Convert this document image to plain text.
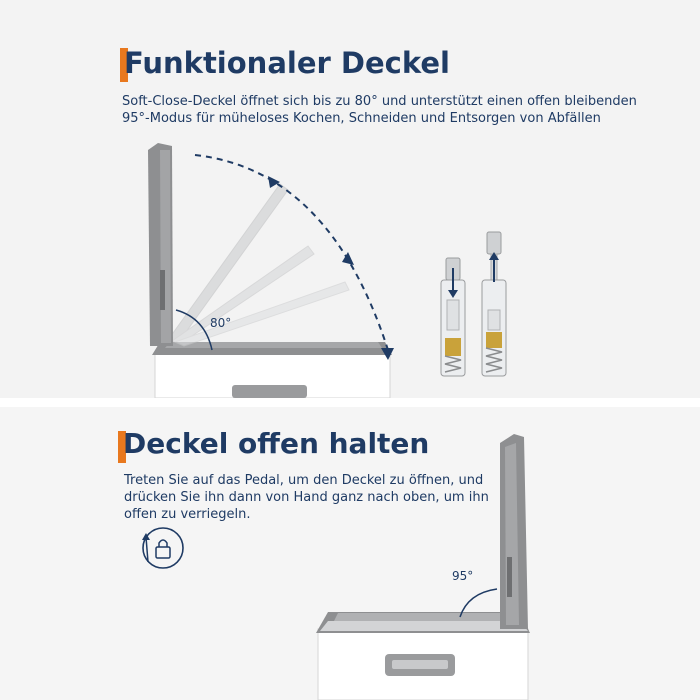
Funktionaler Deckel

Soft-Close-Deckel öffnet sich bis zu 80° und unterstützt einen offen bleibenden
95°-Modus für müheloses Kochen, Schneiden und Entsorgen von Abfällen

80°
Deckel offen halten

Treten Sie auf das Pedal, um den Deckel zu öffnen, und
drücken Sie ihn dann von Hand ganz nach oben, um ihn
offen zu verriegeln.

95°
